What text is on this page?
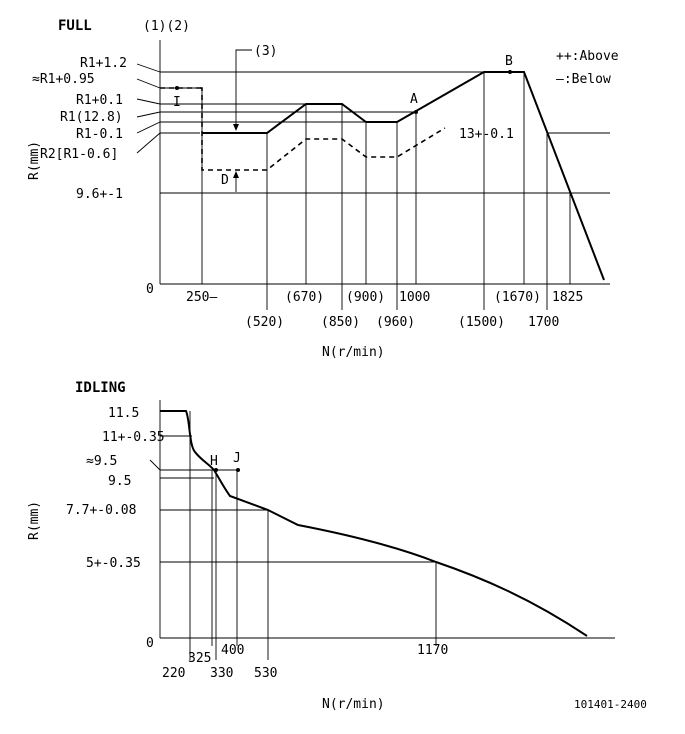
FULL	(1)(2)
++:Above
—:Below
0
R(mm)
R1+1.2
≈R1+0.95
R1+0.1
R1(12.8)
R1-0.1
R2[R1-0.6]
9.6+-1
(3)
I
D
A
B
13+-0.1
250—	(670) (900) 1000	(1670) 1825
(520)	(850) (960)	(1500) 1700
N(r/min)
IDLING
0
R(mm)
11.5
11+-0.35
≈9.5
9.5
7.7+-0.08
5+-0.35
H J
220
325
330
400
530
1170
N(r/min)	101401-2400
